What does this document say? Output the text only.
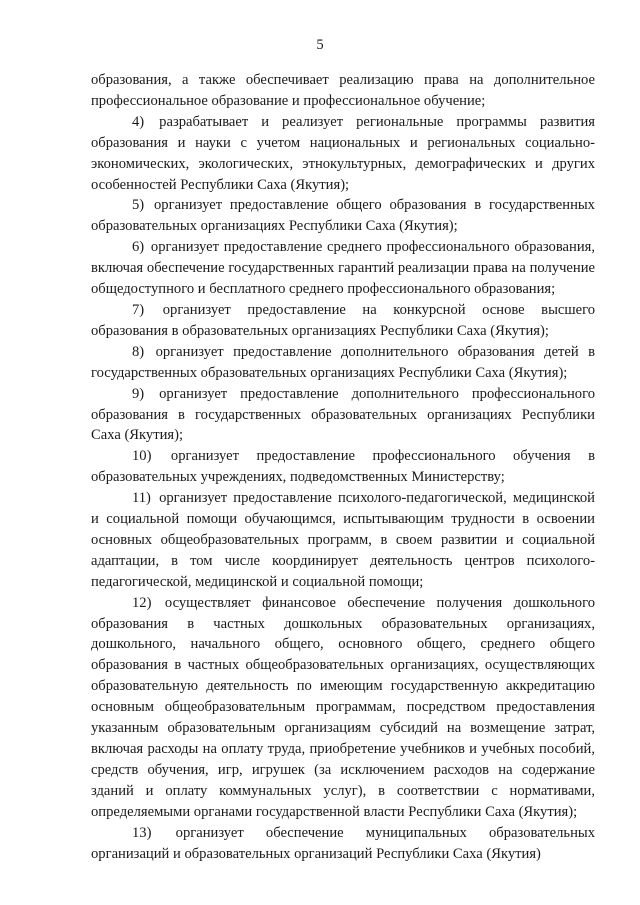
5

образования, а также обеспечивает реализацию права на дополнительное профессиональное образование и профессиональное обучение;

4) разрабатывает и реализует региональные программы развития образования и науки с учетом национальных и региональных социально-экономических, экологических, этнокультурных, демографических и других особенностей Республики Саха (Якутия);

5) организует предоставление общего образования в государственных образовательных организациях Республики Саха (Якутия);

6) организует предоставление среднего профессионального образования, включая обеспечение государственных гарантий реализации права на получение общедоступного и бесплатного среднего профессионального образования;

7) организует предоставление на конкурсной основе высшего образования в образовательных организациях Республики Саха (Якутия);

8) организует предоставление дополнительного образования детей в государственных образовательных организациях Республики Саха (Якутия);

9) организует предоставление дополнительного профессионального образования в государственных образовательных организациях Республики Саха (Якутия);

10) организует предоставление профессионального обучения в образовательных учреждениях, подведомственных Министерству;

11) организует предоставление психолого-педагогической, медицинской и социальной помощи обучающимся, испытывающим трудности в освоении основных общеобразовательных программ, в своем развитии и социальной адаптации, в том числе координирует деятельность центров психолого-педагогической, медицинской и социальной помощи;

12) осуществляет финансовое обеспечение получения дошкольного образования в частных дошкольных образовательных организациях, дошкольного, начального общего, основного общего, среднего общего образования в частных общеобразовательных организациях, осуществляющих образовательную деятельность по имеющим государственную аккредитацию основным общеобразовательным программам, посредством предоставления указанным образовательным организациям субсидий на возмещение затрат, включая расходы на оплату труда, приобретение учебников и учебных пособий, средств обучения, игр, игрушек (за исключением расходов на содержание зданий и оплату коммунальных услуг), в соответствии с нормативами, определяемыми органами государственной власти Республики Саха (Якутия);

13) организует обеспечение муниципальных образовательных организаций и образовательных организаций Республики Саха (Якутия)
